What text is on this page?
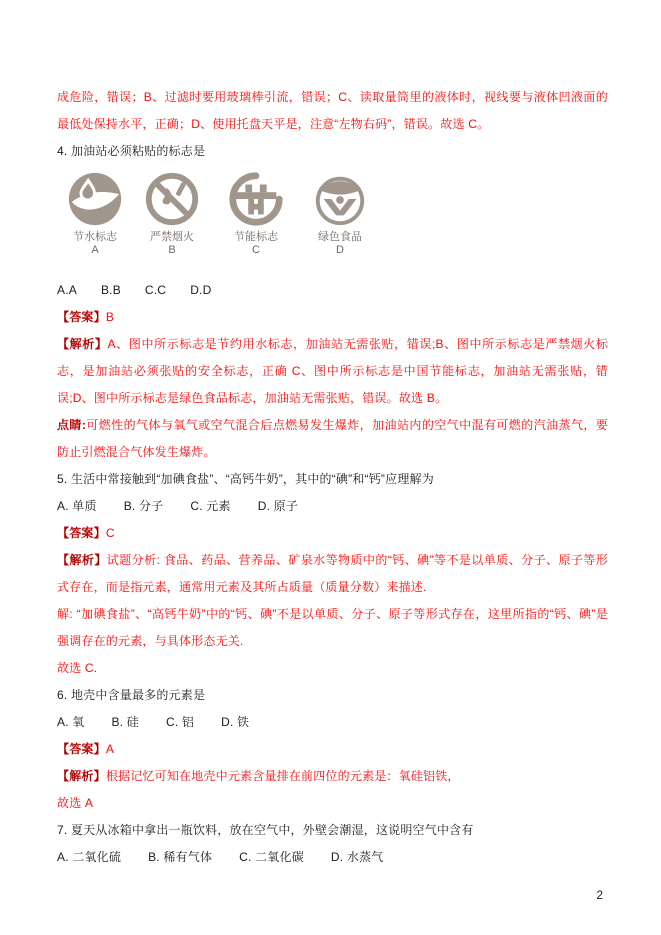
成危险，错误；B、过滤时要用玻璃棒引流，错误；C、读取量筒里的液体时，视线要与液体凹液面的最低处保持水平，正确；D、使用托盘天平是，注意“左物右码”，错误。故选 C。

4. 加油站必须粘贴的标志是

节水标志
A
严禁烟火
B
节能标志
C
绿色食品
D

A.A B.B C.C D.D

【答案】B

【解析】A、图中所示标志是节约用水标志，加油站无需张贴，错误;B、图中所示标志是严禁烟火标志，是加油站必须张贴的安全标志，正确 C、图中所示标志是中国节能标志，加油站无需张贴，错误;D、图中所示标志是绿色食品标志，加油站无需张贴，错误。故选 B。

点睛:可燃性的气体与氧气或空气混合后点燃易发生爆炸，加油站内的空气中混有可燃的汽油蒸气，要防止引燃混合气体发生爆炸。

5. 生活中常接触到“加碘食盐”、“高钙牛奶”，其中的“碘”和“钙”应理解为

A. 单质 B. 分子 C. 元素 D. 原子

【答案】C

【解析】试题分析: 食品、药品、营养品、矿泉水等物质中的“钙、碘”等不是以单质、分子、原子等形式存在，而是指元素，通常用元素及其所占质量（质量分数）来描述.

解: “加碘食盐”、“高钙牛奶”中的“钙、碘”不是以单质、分子、原子等形式存在，这里所指的“钙、碘”是强调存在的元素，与具体形态无关.

故选 C.

6. 地壳中含量最多的元素是

A. 氧 B. 硅 C. 铝 D. 铁

【答案】A

【解析】根据记忆可知在地壳中元素含量排在前四位的元素是：氧硅铝铁，

故选 A

7. 夏天从冰箱中拿出一瓶饮料，放在空气中，外壁会潮湿，这说明空气中含有

A. 二氧化硫 B. 稀有气体 C. 二氧化碳 D. 水蒸气

2
